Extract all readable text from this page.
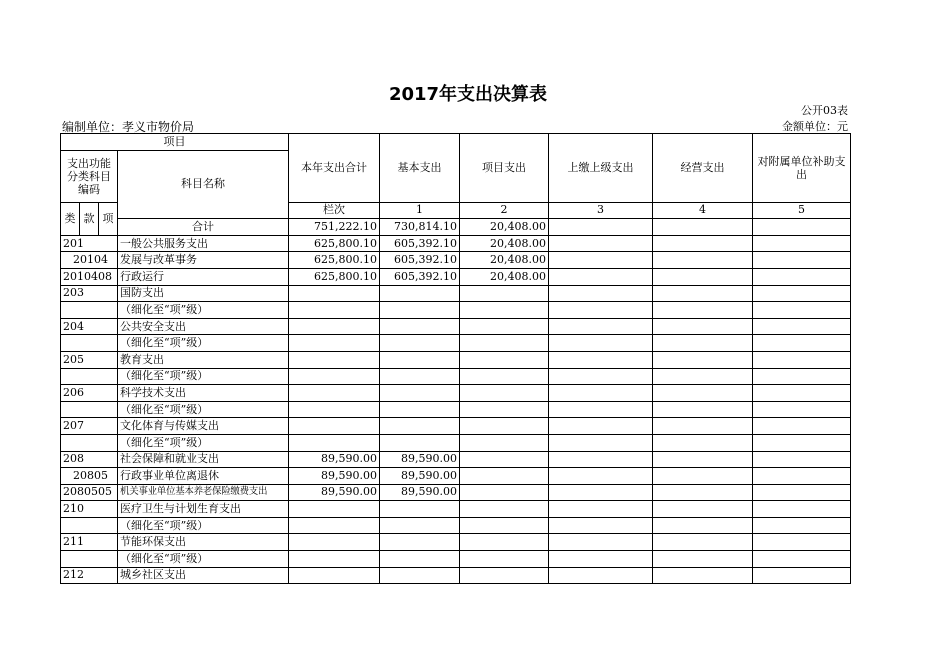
2017年支出决算表
公开03表
编制单位：孝义市物价局	金额单位：元
项目				本年支出合计	基本支出	项目支出	上缴上级支出	经营支出	对附属单位补助支出	
支出功能分类科目编码			科目名称							
类	款	项		栏次	1	2	3	4	5	
			合计	751,222.10	730,814.10	20,408.00				
201			一般公共服务支出	625,800.10	605,392.10	20,408.00				
20104			发展与改革事务	625,800.10	605,392.10	20,408.00				
2010408			行政运行	625,800.10	605,392.10	20,408.00				
203			国防支出							
			（细化至“项”级）							
204			公共安全支出							
			（细化至“项”级）							
205			教育支出							
			（细化至“项”级）							
206			科学技术支出							
			（细化至“项”级）							
207			文化体育与传媒支出							
			（细化至“项”级）							
208			社会保障和就业支出	89,590.00	89,590.00					
20805			行政事业单位离退休	89,590.00	89,590.00					
2080505			机关事业单位基本养老保险缴费支出	89,590.00	89,590.00					
210			医疗卫生与计划生育支出							
			（细化至“项”级）							
211			节能环保支出							
			（细化至“项”级）							
212			城乡社区支出							
